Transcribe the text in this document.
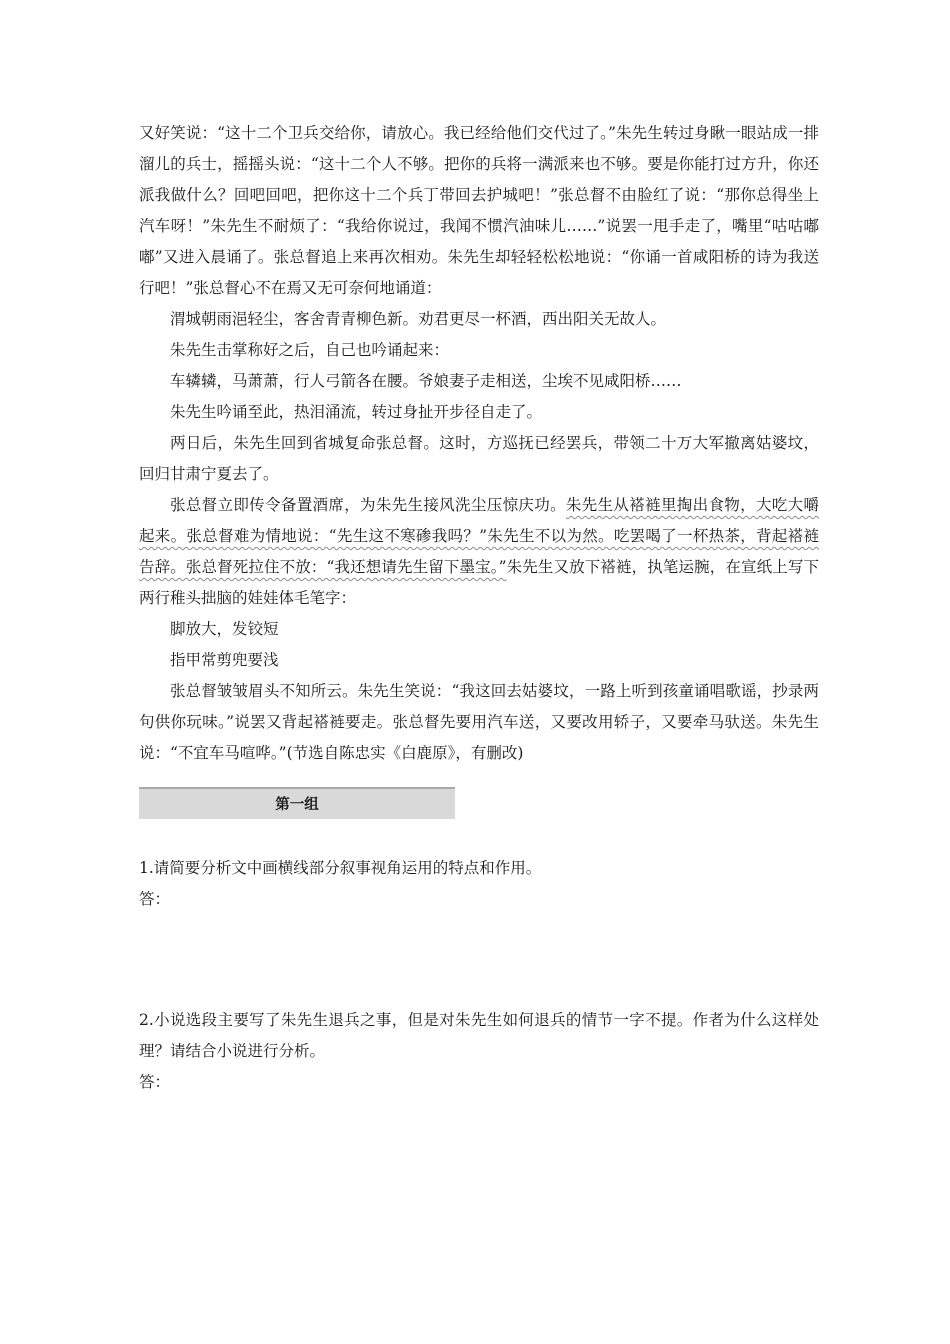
又好笑说：“这十二个卫兵交给你，请放心。我已经给他们交代过了。”朱先生转过身瞅一眼站成一排溜儿的兵士，摇摇头说：“这十二个人不够。把你的兵将一满派来也不够。要是你能打过方升，你还派我做什么？回吧回吧，把你这十二个兵丁带回去护城吧！”张总督不由脸红了说：“那你总得坐上汽车呀！”朱先生不耐烦了：“我给你说过，我闻不惯汽油味儿……”说罢一甩手走了，嘴里“咕咕嘟嘟”又进入晨诵了。张总督追上来再次相劝。朱先生却轻轻松松地说：“你诵一首咸阳桥的诗为我送行吧！”张总督心不在焉又无可奈何地诵道：

渭城朝雨浥轻尘，客舍青青柳色新。劝君更尽一杯酒，西出阳关无故人。

朱先生击掌称好之后，自己也吟诵起来：

车辚辚，马萧萧，行人弓箭各在腰。爷娘妻子走相送，尘埃不见咸阳桥……

朱先生吟诵至此，热泪涌流，转过身扯开步径自走了。

两日后，朱先生回到省城复命张总督。这时，方巡抚已经罢兵，带领二十万大军撤离姑婆坟，回归甘肃宁夏去了。

张总督立即传令备置酒席，为朱先生接风洗尘压惊庆功。朱先生从褡裢里掏出食物，大吃大嚼起来。张总督难为情地说：“先生这不寒碜我吗？”朱先生不以为然。吃罢喝了一杯热茶，背起褡裢告辞。张总督死拉住不放：“我还想请先生留下墨宝。”朱先生又放下褡裢，执笔运腕，在宣纸上写下两行稚头拙脑的娃娃体毛笔字：

脚放大，发铰短

指甲常剪兜要浅

张总督皱皱眉头不知所云。朱先生笑说：“我这回去姑婆坟，一路上听到孩童诵唱歌谣，抄录两句供你玩味。”说罢又背起褡裢要走。张总督先要用汽车送，又要改用轿子，又要牵马驮送。朱先生说：“不宜车马喧哗。”(节选自陈忠实《白鹿原》，有删改)

第一组

1.请简要分析文中画横线部分叙事视角运用的特点和作用。

答：

2.小说选段主要写了朱先生退兵之事，但是对朱先生如何退兵的情节一字不提。作者为什么这样处理？请结合小说进行分析。

答：
